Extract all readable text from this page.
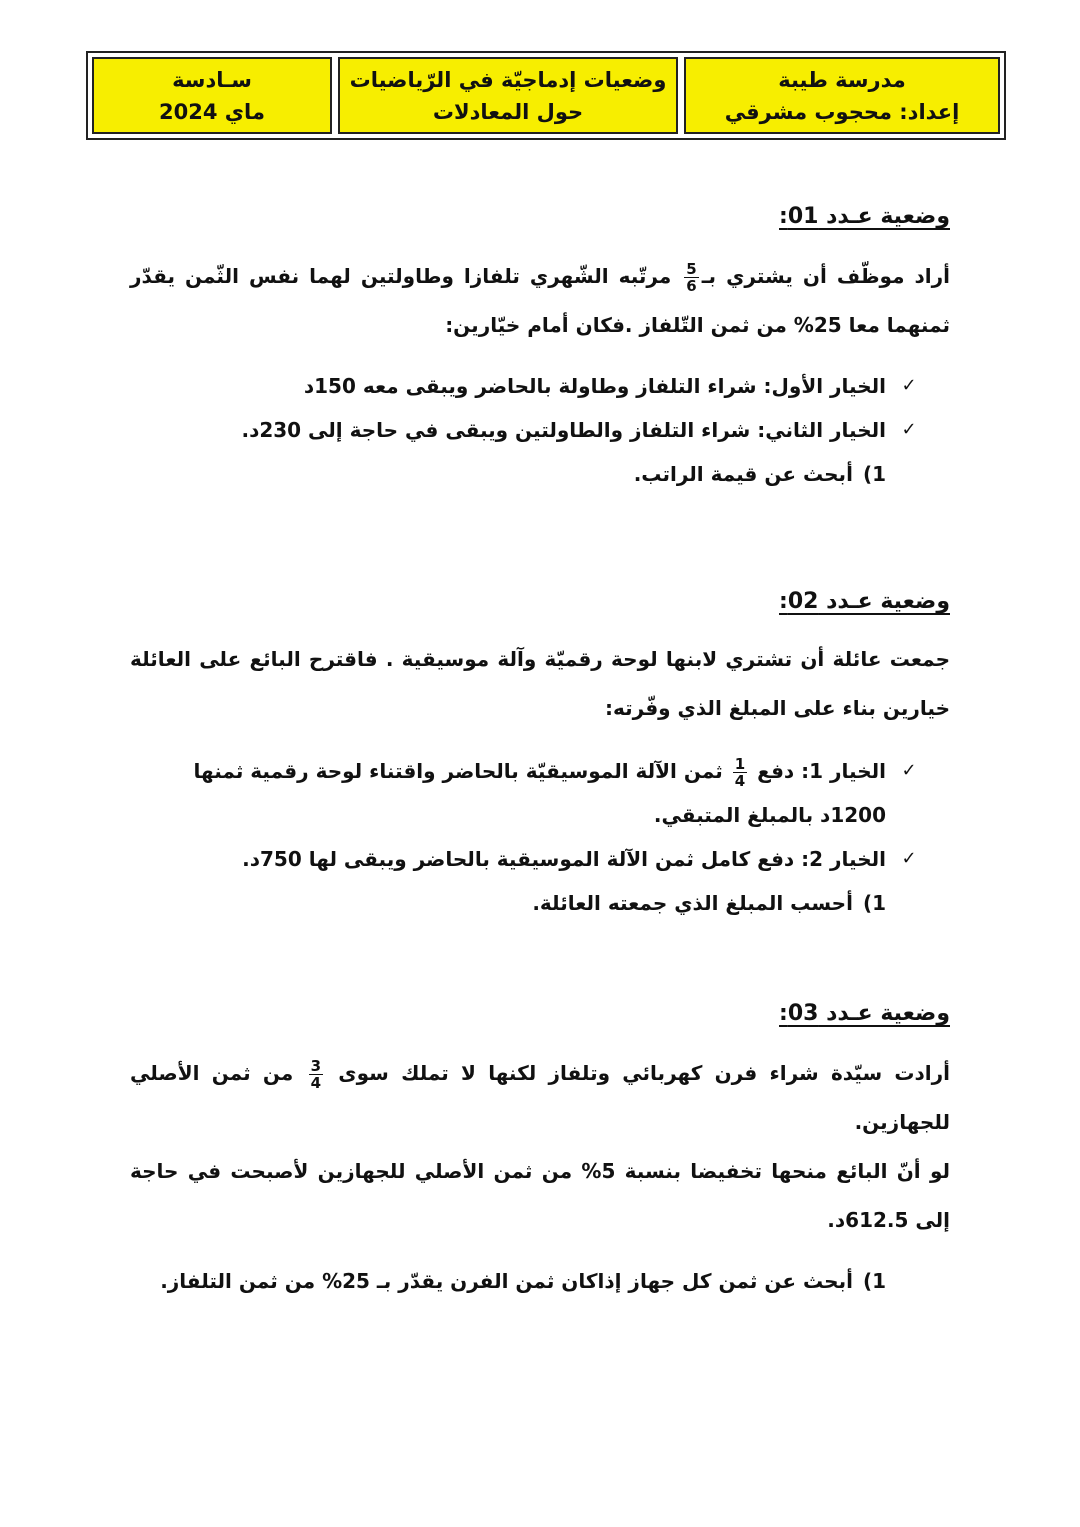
مدرسة طيبة
إعداد: محجوب مشرقي
وضعيات إدماجيّة في الرّياضيات
حول المعادلات
سـادسة
ماي 2024
وضعية عـدد 01:

أراد موظّف أن يشتري بـ
$\frac{5}{6}$
مرتّبه الشّهري تلفازا وطاولتين لهما نفس الثّمن يقدّر ثمنهما معا 25% من ثمن التّلفاز .فكان أمام خيّارين:

✓
الخيار الأول: شراء التلفاز وطاولة بالحاضر ويبقى معه 150د
✓
الخيار الثاني: شراء التلفاز والطاولتين ويبقى في حاجة إلى 230د.
1)أبحث عن قيمة الراتب.
وضعية عـدد 02:

جمعت عائلة أن تشتري لابنها لوحة رقميّة وآلة موسيقية . فاقترح البائع على العائلة خيارين بناء على المبلغ الذي وفّرته:

✓
الخيار 1: دفع
$\frac{1}{4}$
ثمن الآلة الموسيقيّة بالحاضر واقتناء لوحة رقمية ثمنها 1200د بالمبلغ المتبقي.
✓
الخيار 2: دفع كامل ثمن الآلة الموسيقية بالحاضر ويبقى لها 750د.
1)أحسب المبلغ الذي جمعته العائلة.
وضعية عـدد 03:

أرادت سيّدة شراء فرن كهربائي وتلفاز لكنها لا تملك سوى
$\frac{3}{4}$
من ثمن الأصلي للجهازين.

لو أنّ البائع منحها تخفيضا بنسبة 5% من ثمن الأصلي للجهازين لأصبحت في حاجة إلى 612.5د.

1)أبحث عن ثمن كل جهاز إذاكان ثمن الفرن يقدّر بـ 25% من ثمن التلفاز.
